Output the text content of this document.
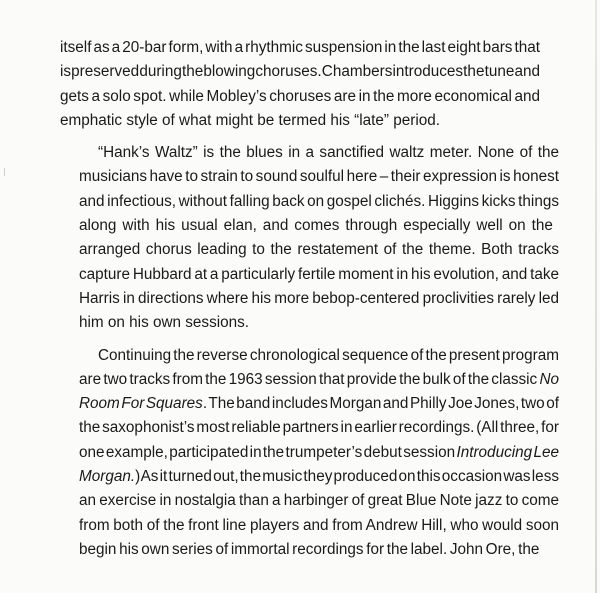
itself as a 20-bar form, with a rhythmic suspension in the last eight bars that
is preserved during the blowing choruses. Chambers introduces the tune and
gets a solo spot. while Mobley’s choruses are in the more economical and
emphatic style of what might be termed his “late” period.
“Hank’s Waltz” is the blues in a sanctified waltz meter. None of the
musicians have to strain to sound soulful here – their expression is honest
and infectious, without falling back on gospel clichés. Higgins kicks things
along with his usual elan, and comes through especially well on the
arranged chorus leading to the restatement of the theme. Both tracks
capture Hubbard at a particularly fertile moment in his evolution, and take
Harris in directions where his more bebop-centered proclivities rarely led
him on his own sessions.
Continuing the reverse chronological sequence of the present program
are two tracks from the 1963 session that provide the bulk of the classic No
Room For Squares. The band includes Morgan and Philly Joe Jones, two of
the saxophonist’s most reliable partners in earlier recordings. (All three, for
one example, participated in the trumpeter’s debut session Introducing Lee
Morgan.) As it turned out, the music they produced on this occasion was less
an exercise in nostalgia than a harbinger of great Blue Note jazz to come
from both of the front line players and from Andrew Hill, who would soon
begin his own series of immortal recordings for the label. John Ore, the
